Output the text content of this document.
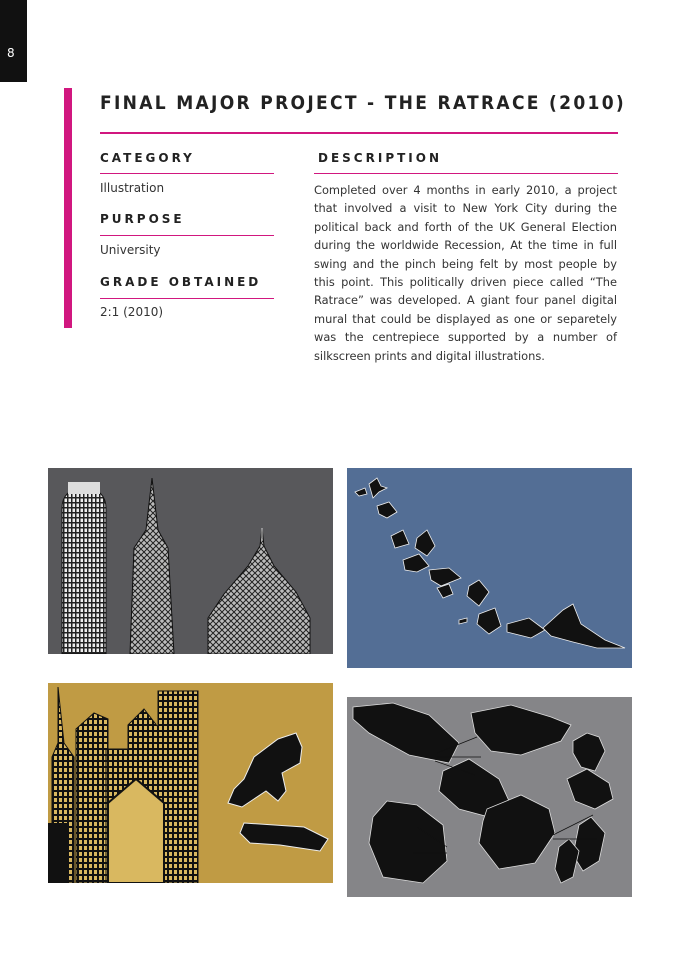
8
FINAL MAJOR PROJECT - THE RATRACE (2010)

CATEGORY

Illustration

PURPOSE

University

GRADE OBTAINED

2:1 (2010)

DESCRIPTION

Completed over 4 months in early 2010, a project that involved a visit to New York City during the political back and forth of the UK General Election during the worldwide Recession, At the time in full swing and the pinch being felt by most people by this point. This politically driven piece called “The Ratrace” was developed. A giant four panel digital mural that could be displayed as one or separetely was the centrepiece supported by a number of silkscreen prints and digital illustrations.
